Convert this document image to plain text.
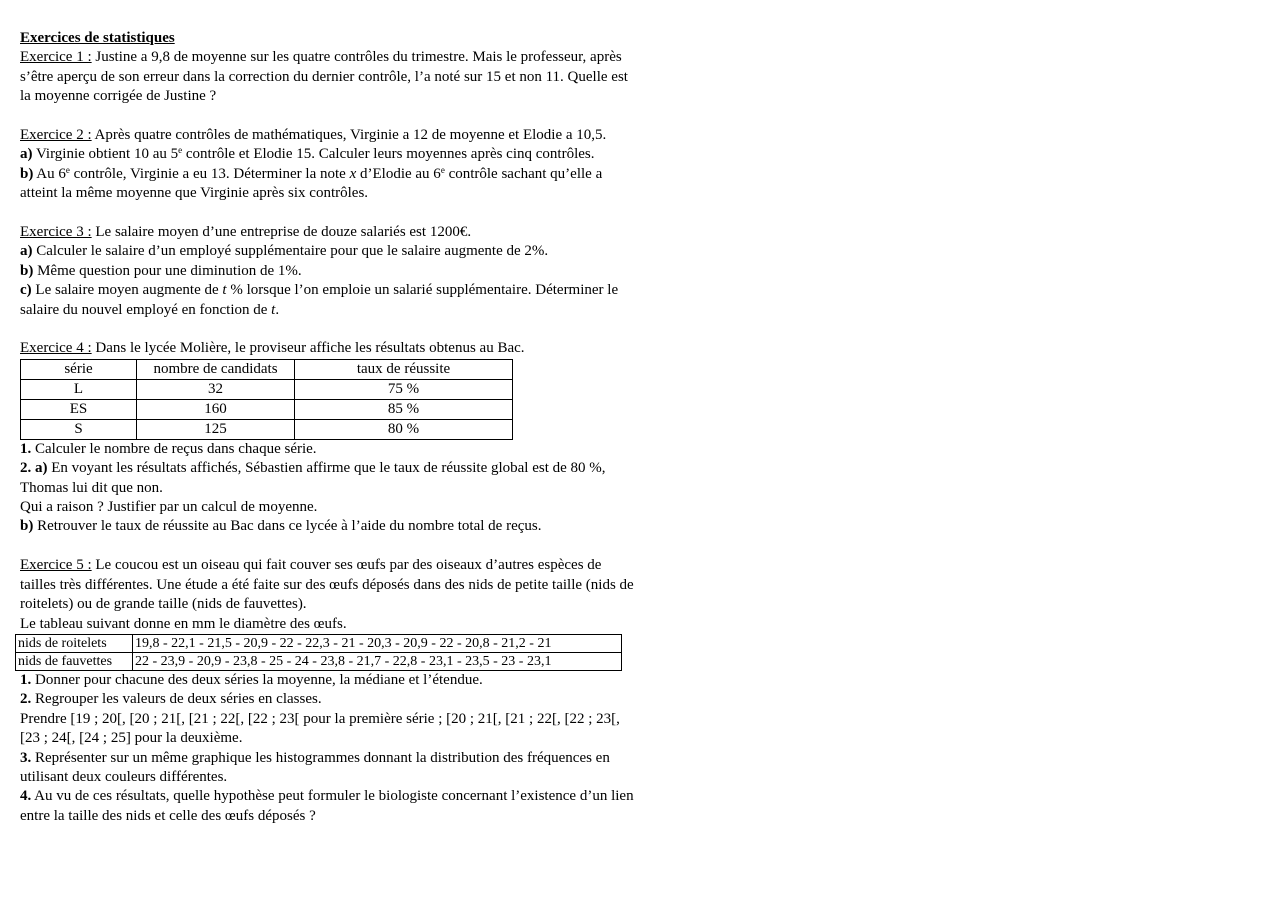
Exercices de statistiques

Exercice 1 : Justine a 9,8 de moyenne sur les quatre contrôles du trimestre. Mais le professeur, après s’être aperçu de son erreur dans la correction du dernier contrôle, l’a noté sur 15 et non 11. Quelle est la moyenne corrigée de Justine ?

Exercice 2 : Après quatre contrôles de mathématiques, Virginie a 12 de moyenne et Elodie a 10,5.

a) Virginie obtient 10 au 5e contrôle et Elodie 15. Calculer leurs moyennes après cinq contrôles.

b) Au 6e contrôle, Virginie a eu 13. Déterminer la note x d’Elodie au 6e contrôle sachant qu’elle a atteint la même moyenne que Virginie après six contrôles.

Exercice 3 : Le salaire moyen d’une entreprise de douze salariés est 1200€.

a) Calculer le salaire d’un employé supplémentaire pour que le salaire augmente de 2%.

b) Même question pour une diminution de 1%.

c) Le salaire moyen augmente de t % lorsque l’on emploie un salarié supplémentaire. Déterminer le salaire du nouvel employé en fonction de t.

Exercice 4 : Dans le lycée Molière, le proviseur affiche les résultats obtenus au Bac.

série	nombre de candidats	taux de réussite
L	32	75 %
ES	160	85 %
S	125	80 %

1. Calculer le nombre de reçus dans chaque série.

2. a) En voyant les résultats affichés, Sébastien affirme que le taux de réussite global est de 80 %, Thomas lui dit que non.

Qui a raison ? Justifier par un calcul de moyenne.

b) Retrouver le taux de réussite au Bac dans ce lycée à l’aide du nombre total de reçus.

Exercice 5 : Le coucou est un oiseau qui fait couver ses œufs par des oiseaux d’autres espèces de tailles très différentes. Une étude a été faite sur des œufs déposés dans des nids de petite taille (nids de roitelets) ou de grande taille (nids de fauvettes).

Le tableau suivant donne en mm le diamètre des œufs.

nids de roitelets	19,8 - 22,1 - 21,5 - 20,9 - 22 - 22,3 - 21 - 20,3 - 20,9 - 22 - 20,8 - 21,2 - 21
nids de fauvettes	22 - 23,9 - 20,9 - 23,8 - 25 - 24 - 23,8 - 21,7 - 22,8 - 23,1 - 23,5 - 23 - 23,1

1. Donner pour chacune des deux séries la moyenne, la médiane et l’étendue.

2. Regrouper les valeurs de deux séries en classes.

Prendre [19 ; 20[, [20 ; 21[, [21 ; 22[, [22 ; 23[ pour la première série ; [20 ; 21[, [21 ; 22[, [22 ; 23[, [23 ; 24[, [24 ; 25] pour la deuxième.

3. Représenter sur un même graphique les histogrammes donnant la distribution des fréquences en utilisant deux couleurs différentes.

4. Au vu de ces résultats, quelle hypothèse peut formuler le biologiste concernant l’existence d’un lien entre la taille des nids et celle des œufs déposés ?
